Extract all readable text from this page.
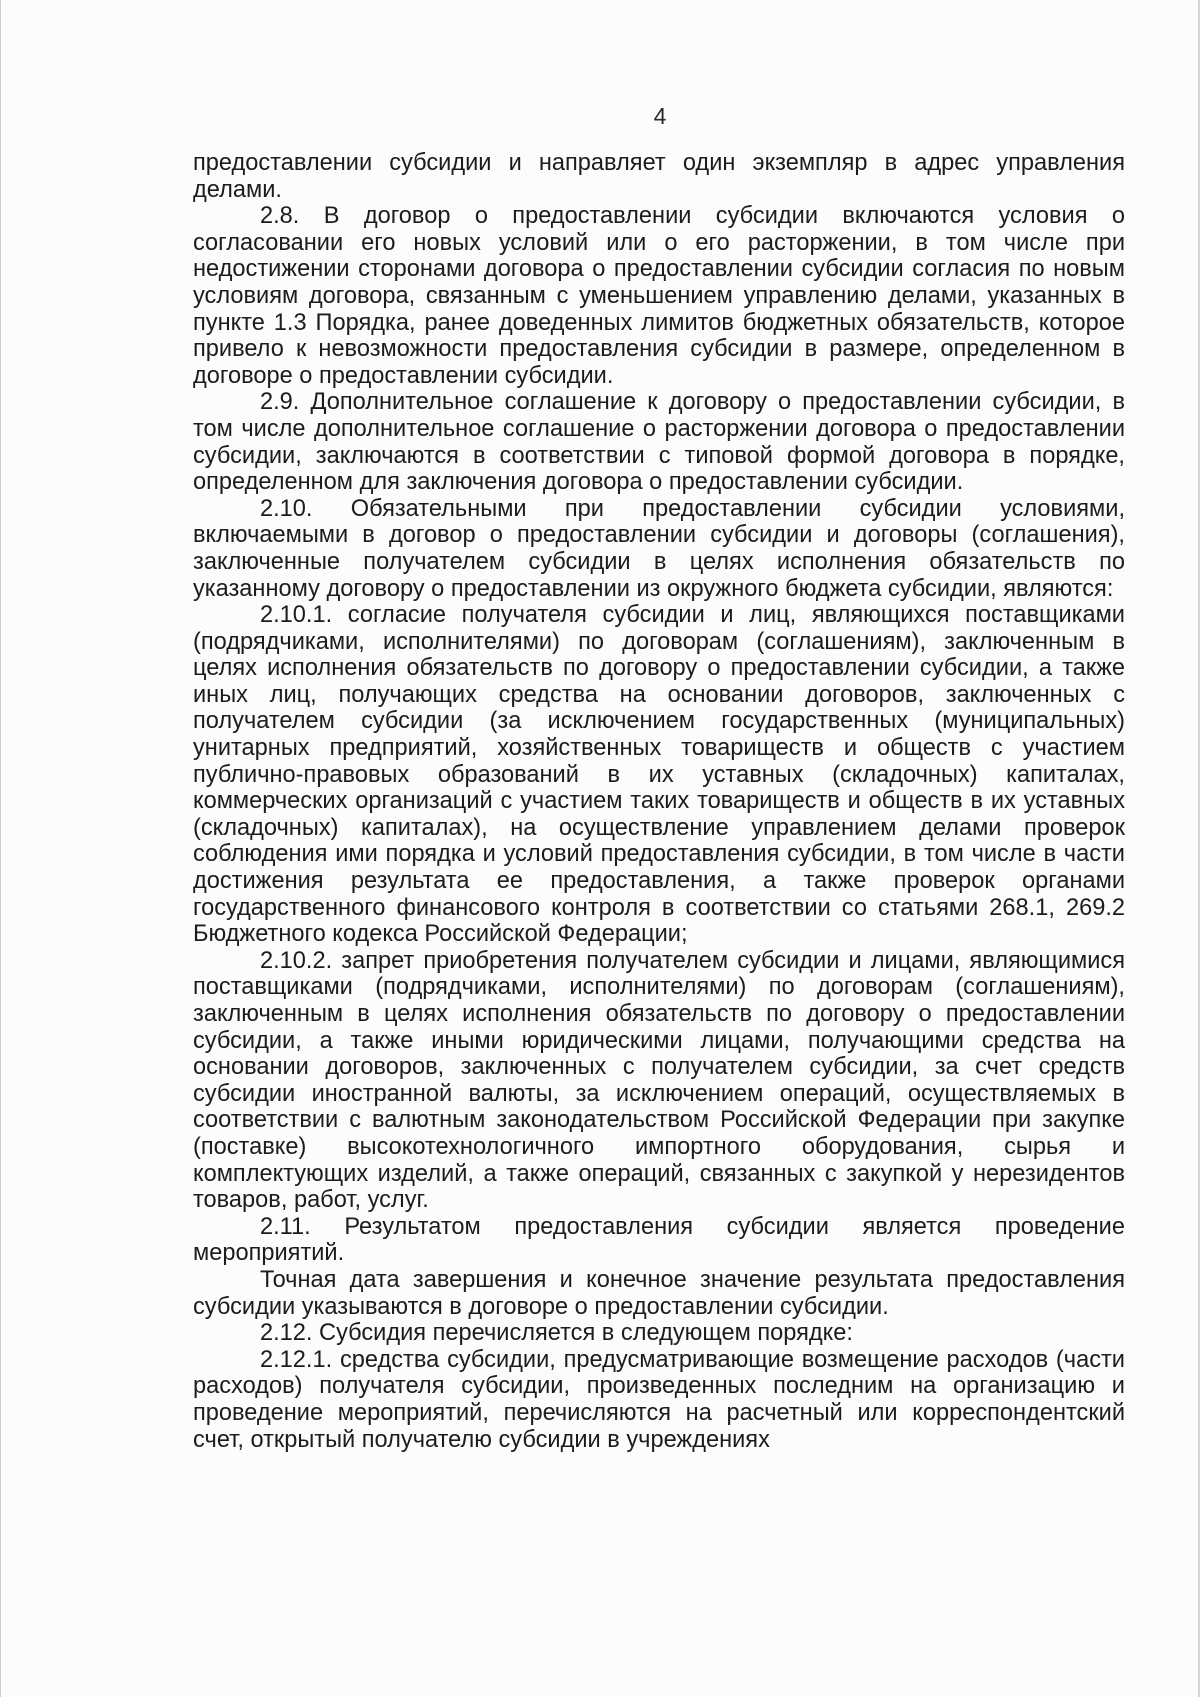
4

предоставлении субсидии и направляет один экземпляр в адрес управления делами.

2.8. В договор о предоставлении субсидии включаются условия о согласовании его новых условий или о его расторжении, в том числе при недостижении сторонами договора о предоставлении субсидии согласия по новым условиям договора, связанным с уменьшением управлению делами, указанных в пункте 1.3 Порядка, ранее доведенных лимитов бюджетных обязательств, которое привело к невозможности предоставления субсидии в размере, определенном в договоре о предоставлении субсидии.

2.9. Дополнительное соглашение к договору о предоставлении субсидии, в том числе дополнительное соглашение о расторжении договора о предоставлении субсидии, заключаются в соответствии с типовой формой договора в порядке, определенном для заключения договора о предоставлении субсидии.

2.10. Обязательными при предоставлении субсидии условиями, включаемыми в договор о предоставлении субсидии и договоры (соглашения), заключенные получателем субсидии в целях исполнения обязательств по указанному договору о предоставлении из окружного бюджета субсидии, являются:

2.10.1. согласие получателя субсидии и лиц, являющихся поставщиками (подрядчиками, исполнителями) по договорам (соглашениям), заключенным в целях исполнения обязательств по договору о предоставлении субсидии, а также иных лиц, получающих средства на основании договоров, заключенных с получателем субсидии (за исключением государственных (муниципальных) унитарных предприятий, хозяйственных товариществ и обществ с участием публично-правовых образований в их уставных (складочных) капиталах, коммерческих организаций с участием таких товариществ и обществ в их уставных (складочных) капиталах), на осуществление управлением делами проверок соблюдения ими порядка и условий предоставления субсидии, в том числе в части достижения результата ее предоставления, а также проверок органами государственного финансового контроля в соответствии со статьями 268.1, 269.2 Бюджетного кодекса Российской Федерации;

2.10.2. запрет приобретения получателем субсидии и лицами, являющимися поставщиками (подрядчиками, исполнителями) по договорам (соглашениям), заключенным в целях исполнения обязательств по договору о предоставлении субсидии, а также иными юридическими лицами, получающими средства на основании договоров, заключенных с получателем субсидии, за счет средств субсидии иностранной валюты, за исключением операций, осуществляемых в соответствии с валютным законодательством Российской Федерации при закупке (поставке) высокотехнологичного импортного оборудования, сырья и комплектующих изделий, а также операций, связанных с закупкой у нерезидентов товаров, работ, услуг.

2.11. Результатом предоставления субсидии является проведение мероприятий.

Точная дата завершения и конечное значение результата предоставления субсидии указываются в договоре о предоставлении субсидии.

2.12. Субсидия перечисляется в следующем порядке:

2.12.1. средства субсидии, предусматривающие возмещение расходов (части расходов) получателя субсидии, произведенных последним на организацию и проведение мероприятий, перечисляются на расчетный или корреспондентский счет, открытый получателю субсидии в учреждениях
